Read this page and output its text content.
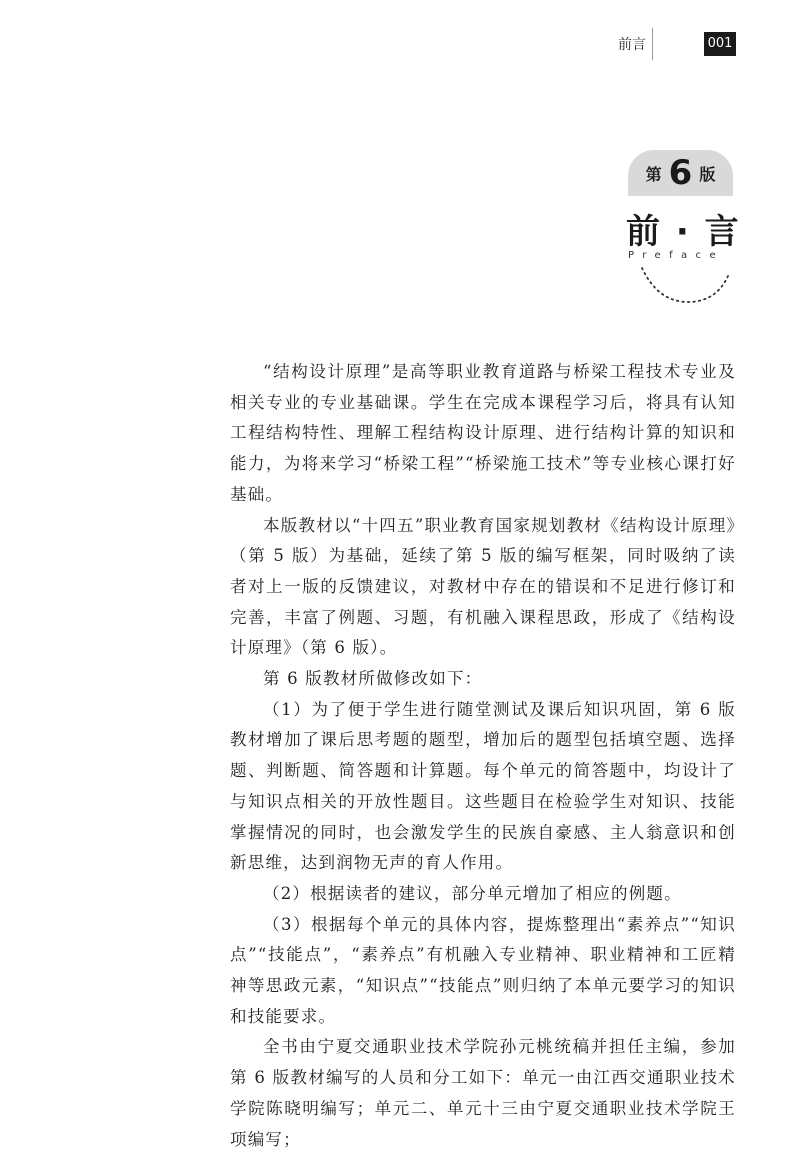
前言	001
第 6 版
前 · 言
Preface

“结构设计原理”是高等职业教育道路与桥梁工程技术专业及相关专业的专业基础课。学生在完成本课程学习后，将具有认知工程结构特性、理解工程结构设计原理、进行结构计算的知识和能力，为将来学习“桥梁工程”“桥梁施工技术”等专业核心课打好基础。

本版教材以“十四五”职业教育国家规划教材《结构设计原理》（第 5 版）为基础，延续了第 5 版的编写框架，同时吸纳了读者对上一版的反馈建议，对教材中存在的错误和不足进行修订和完善，丰富了例题、习题，有机融入课程思政，形成了《结构设计原理》（第 6 版）。

第 6 版教材所做修改如下：

（1）为了便于学生进行随堂测试及课后知识巩固，第 6 版教材增加了课后思考题的题型，增加后的题型包括填空题、选择题、判断题、简答题和计算题。每个单元的简答题中，均设计了与知识点相关的开放性题目。这些题目在检验学生对知识、技能掌握情况的同时，也会激发学生的民族自豪感、主人翁意识和创新思维，达到润物无声的育人作用。

（2）根据读者的建议，部分单元增加了相应的例题。

（3）根据每个单元的具体内容，提炼整理出“素养点”“知识点”“技能点”，“素养点”有机融入专业精神、职业精神和工匠精神等思政元素，“知识点”“技能点”则归纳了本单元要学习的知识和技能要求。

全书由宁夏交通职业技术学院孙元桃统稿并担任主编，参加第 6 版教材编写的人员和分工如下：单元一由江西交通职业技术学院陈晓明编写；单元二、单元十三由宁夏交通职业技术学院王项编写；
